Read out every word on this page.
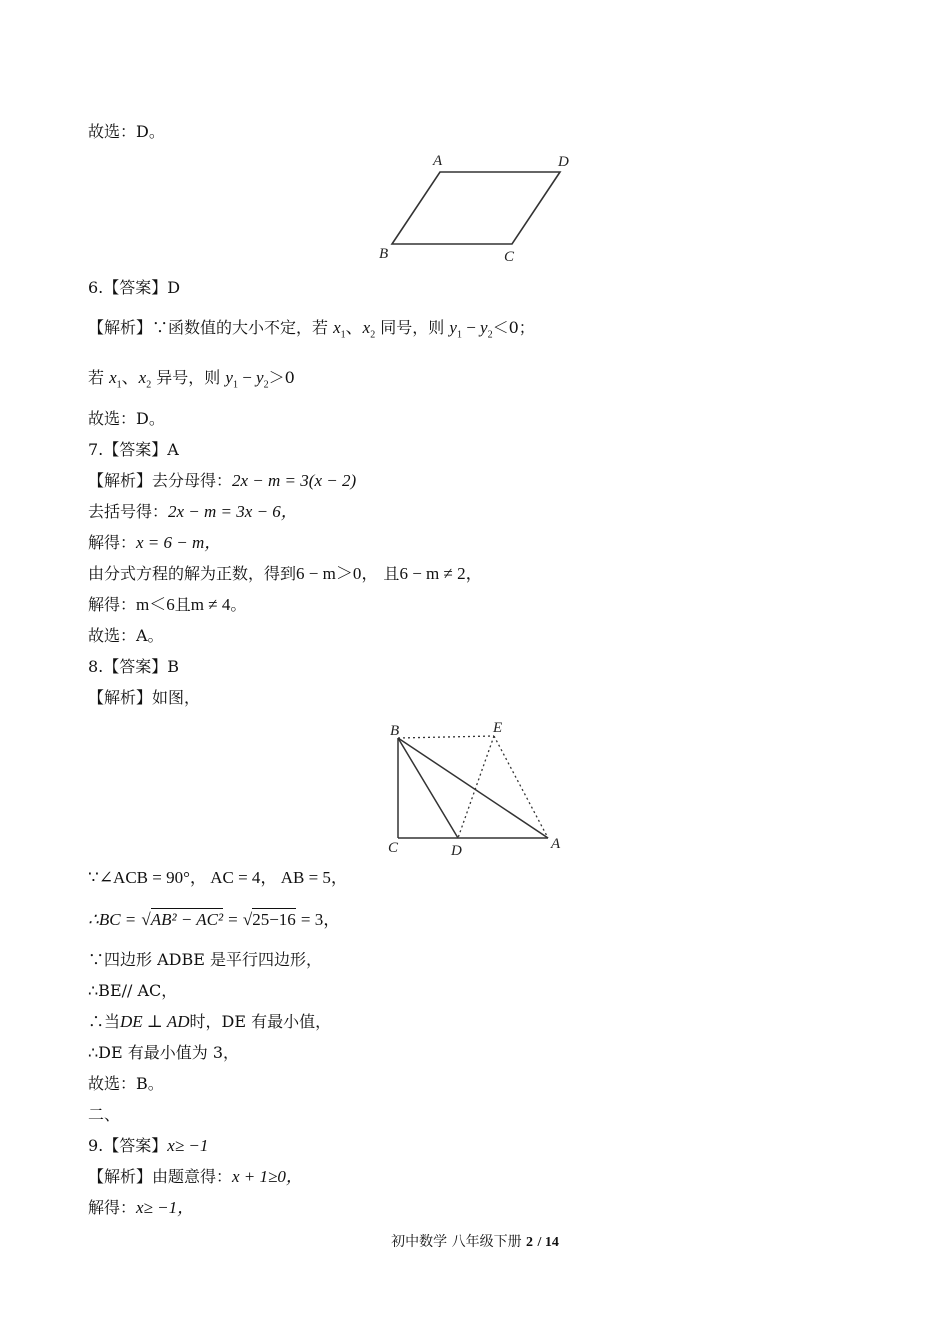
故选：D。
A	D
B	C
6.【答案】D
【解析】∵函数值的大小不定，若 $x_1$、$x_2$ 同号，则 $y_1 - y_2<0$；
若 $x_1$、$x_2$ 异号，则 $y_1 - y_2>0$
故选：D。
7.【答案】A
【解析】去分母得：2x − m = 3(x − 2)
去括号得：2x − m = 3x − 6，
解得：x = 6 − m，
由分式方程的解为正数，得到6 − m＞0， 且6 − m ≠ 2，
解得：m＜6且m ≠ 4。
故选：A。
8.【答案】B
【解析】如图，
B	E
C	D	A
∵∠ACB = 90°， AC = 4， AB = 5，
∴BC = √AB² − AC² = √25−16 = 3，
∵四边形 ADBE 是平行四边形，
∴BE// AC，
∴当DE ⊥ AD时，DE 有最小值，
∴DE 有最小值为 3，
故选：B。
二、
9.【答案】x≥ −1
【解析】由题意得：x + 1≥0，
解得：x≥ −1，
初中数学 八年级下册 2 / 14
